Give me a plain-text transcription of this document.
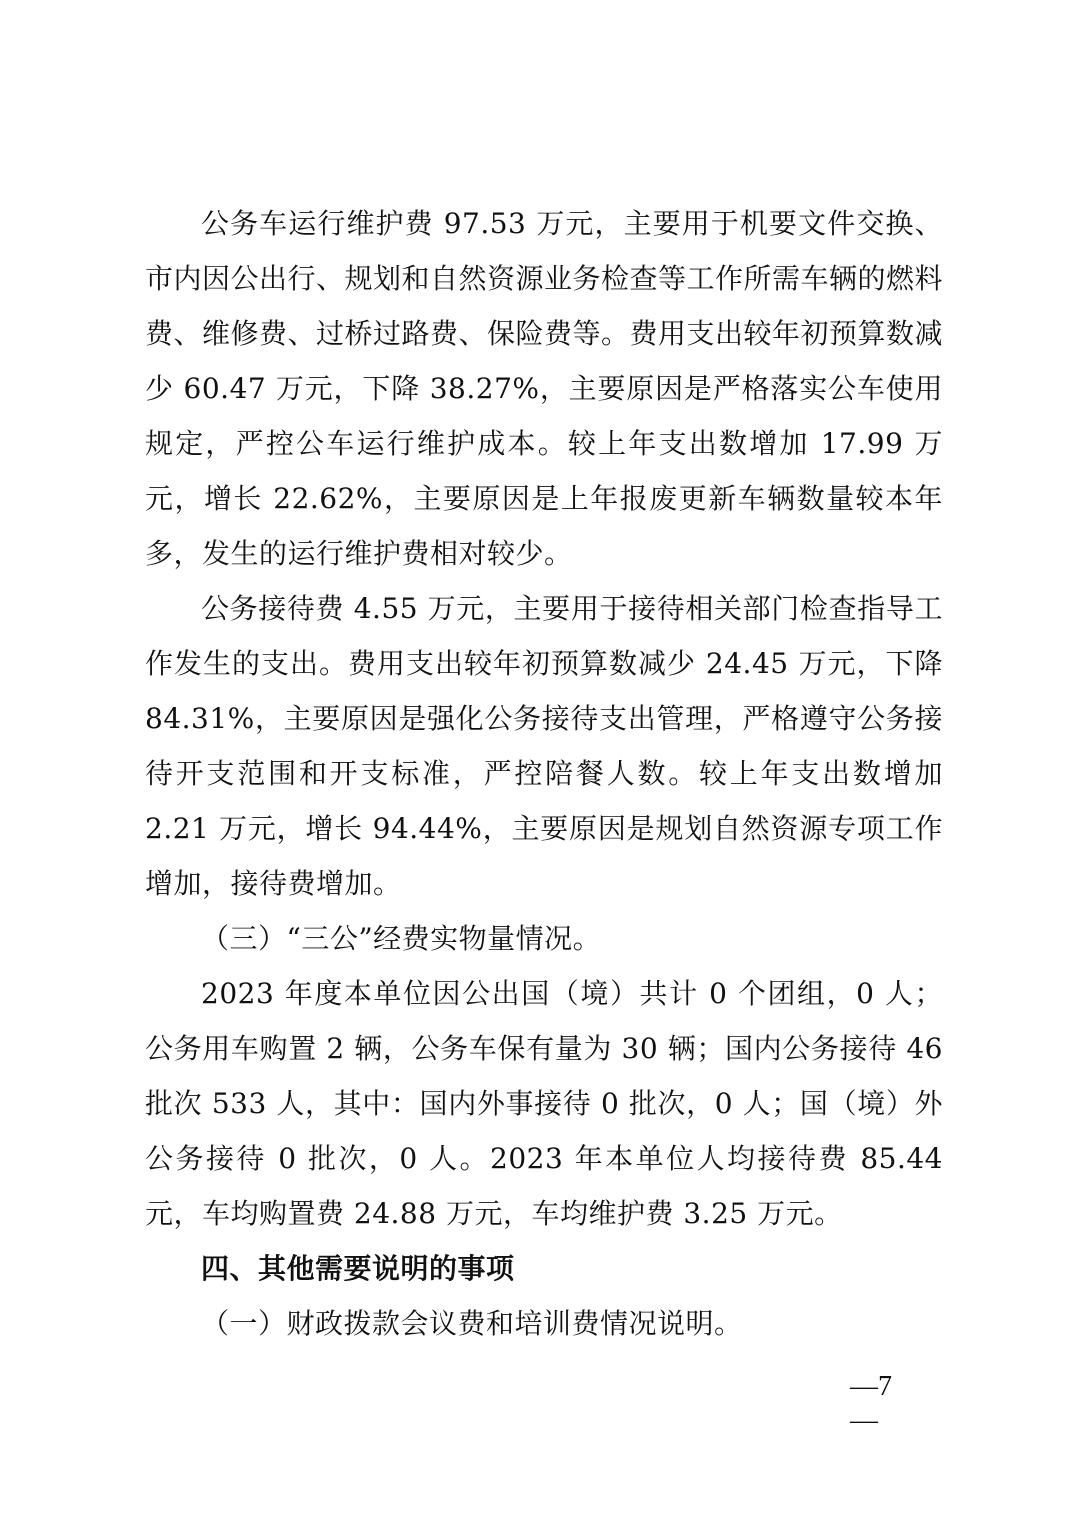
公务车运行维护费 97.53 万元，主要用于机要文件交换、市内因公出行、规划和自然资源业务检查等工作所需车辆的燃料费、维修费、过桥过路费、保险费等。费用支出较年初预算数减少 60.47 万元，下降 38.27%，主要原因是严格落实公车使用规定，严控公车运行维护成本。较上年支出数增加 17.99 万元，增长 22.62%，主要原因是上年报废更新车辆数量较本年多，发生的运行维护费相对较少。

公务接待费 4.55 万元，主要用于接待相关部门检查指导工作发生的支出。费用支出较年初预算数减少 24.45 万元，下降 84.31%，主要原因是强化公务接待支出管理，严格遵守公务接待开支范围和开支标准，严控陪餐人数。较上年支出数增加 2.21 万元，增长 94.44%，主要原因是规划自然资源专项工作增加，接待费增加。

（三）“三公”经费实物量情况。

2023 年度本单位因公出国（境）共计 0 个团组，0 人；公务用车购置 2 辆，公务车保有量为 30 辆；国内公务接待 46 批次 533 人，其中：国内外事接待 0 批次，0 人；国（境）外公务接待 0 批次，0 人。2023 年本单位人均接待费 85.44 元，车均购置费 24.88 万元，车均维护费 3.25 万元。

四、其他需要说明的事项

（一）财政拨款会议费和培训费情况说明。

—7—
